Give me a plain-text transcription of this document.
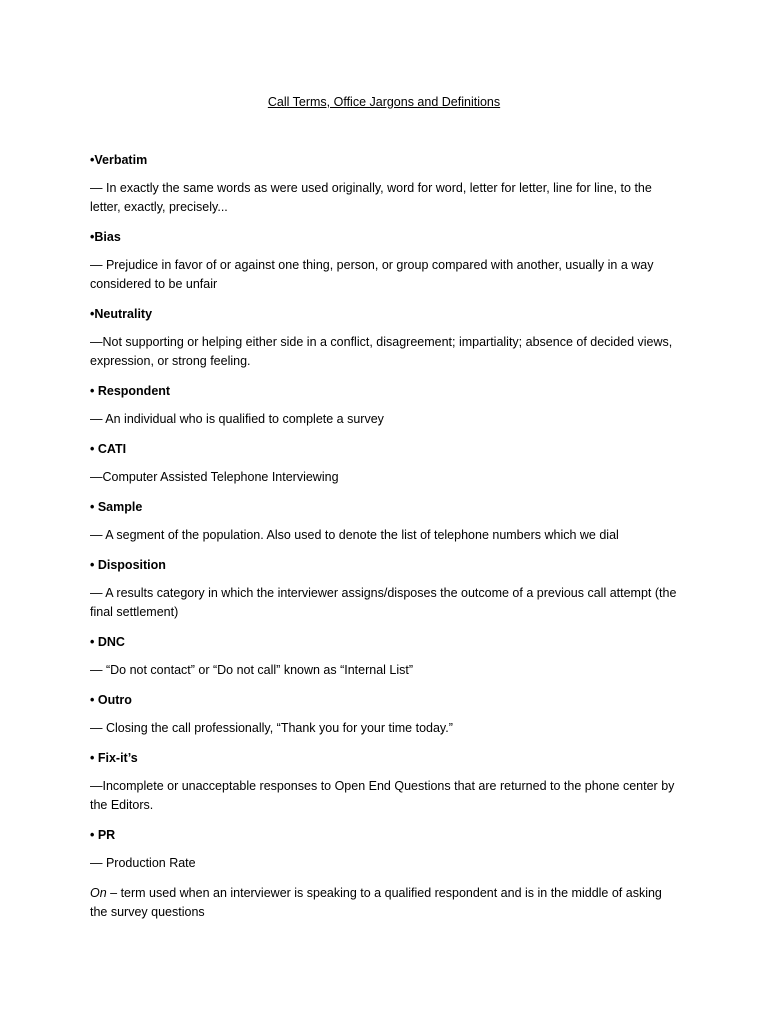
Call Terms, Office Jargons and Definitions
•Verbatim
— In exactly the same words as were used originally, word for word, letter for letter, line for line, to the letter, exactly, precisely...
•Bias
— Prejudice in favor of or against one thing, person, or group compared with another, usually in a way considered to be unfair
•Neutrality
—Not supporting or helping either side in a conflict, disagreement; impartiality; absence of decided views, expression, or strong feeling.
• Respondent
— An individual who is qualified to complete a survey
• CATI
—Computer Assisted Telephone Interviewing
• Sample
— A segment of the population. Also used to denote the list of telephone numbers which we dial
• Disposition
— A results category in which the interviewer assigns/disposes the outcome of a previous call attempt (the final settlement)
• DNC
— “Do not contact” or “Do not call” known as “Internal List”
• Outro
— Closing the call professionally, “Thank you for your time today.”
• Fix-it’s
—Incomplete or unacceptable responses to Open End Questions that are returned to the phone center by the Editors.
• PR
— Production Rate
On – term used when an interviewer is speaking to a qualified respondent and is in the middle of asking the survey questions
